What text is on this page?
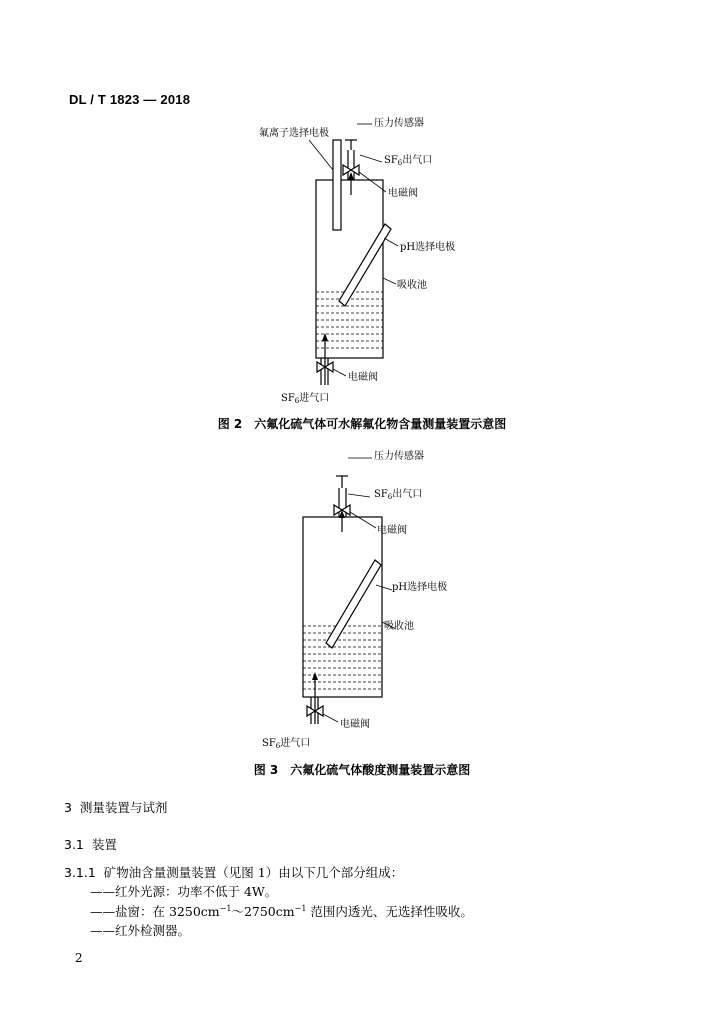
DL / T 1823 — 2018
氟离子选择电极
压力传感器
$SF_6$出气口
电磁阀
pH选择电极
吸收池
电磁阀
$SF_6$进气口
图 2　六氟化硫气体可水解氟化物含量测量装置示意图
压力传感器
$SF_6$出气口
电磁阀
pH选择电极
吸收池
电磁阀
$SF_6$进气口
图 3　六氟化硫气体酸度测量装置示意图
3 测量装置与试剂
3.1 装置
3.1.1 矿物油含量测量装置（见图 1）由以下几个部分组成：
——红外光源：功率不低于 4W。
——盐窗：在 $3250cm^{-1}\sim 2750cm^{-1}$ 范围内透光、无选择性吸收。
——红外检测器。
2
